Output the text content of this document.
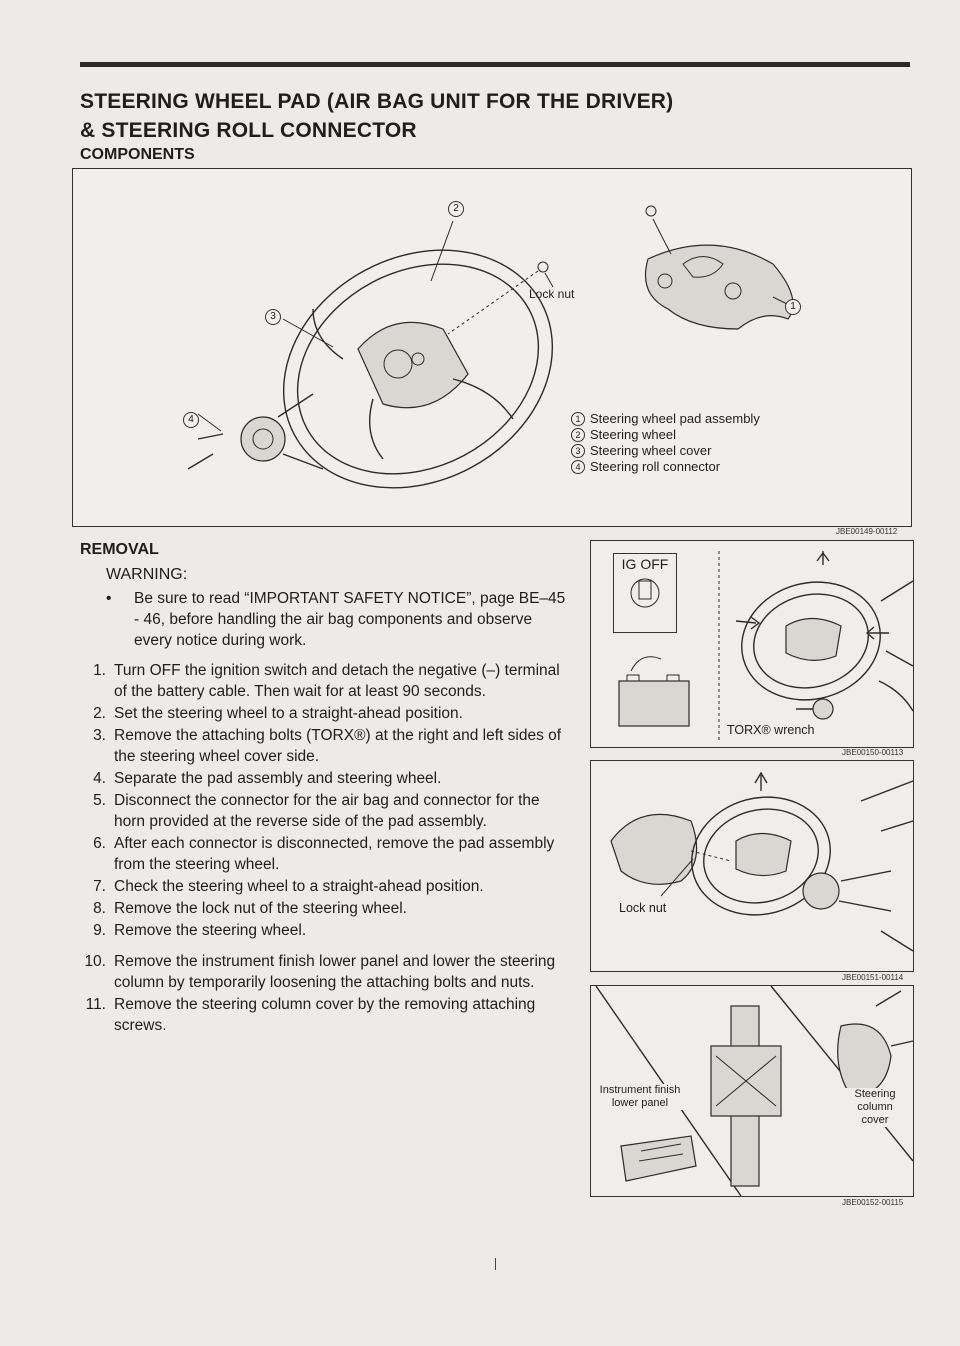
STEERING WHEEL PAD (AIR BAG UNIT FOR THE DRIVER)
& STEERING ROLL CONNECTOR
COMPONENTS
2
3
4
1
Lock nut
1 Steering wheel pad assembly
2 Steering wheel
3 Steering wheel cover
4 Steering roll connector
JBE00149-00112
REMOVAL
WARNING:
•	Be sure to read “IMPORTANT SAFETY NOTICE”, page BE–45 - 46, before handling the air bag components and observe every notice during work.
1. Turn OFF the ignition switch and detach the negative (–) terminal of the battery cable. Then wait for at least 90 seconds.
2. Set the steering wheel to a straight-ahead position.
3. Remove the attaching bolts (TORX®) at the right and left sides of the steering wheel cover side.
4. Separate the pad assembly and steering wheel.
5. Disconnect the connector for the air bag and connector for the horn provided at the reverse side of the pad assembly.
6. After each connector is disconnected, remove the pad assembly from the steering wheel.
7. Check the steering wheel to a straight-ahead position.
8. Remove the lock nut of the steering wheel.
9. Remove the steering wheel.
10. Remove the instrument finish lower panel and lower the steering column by temporarily loosening the attaching bolts and nuts.
11. Remove the steering column cover by the removing attaching screws.
IG OFF
TORX® wrench
JBE00150-00113
Lock nut
JBE00151-00114
Instrument finish lower panel
Steering column cover
JBE00152-00115
